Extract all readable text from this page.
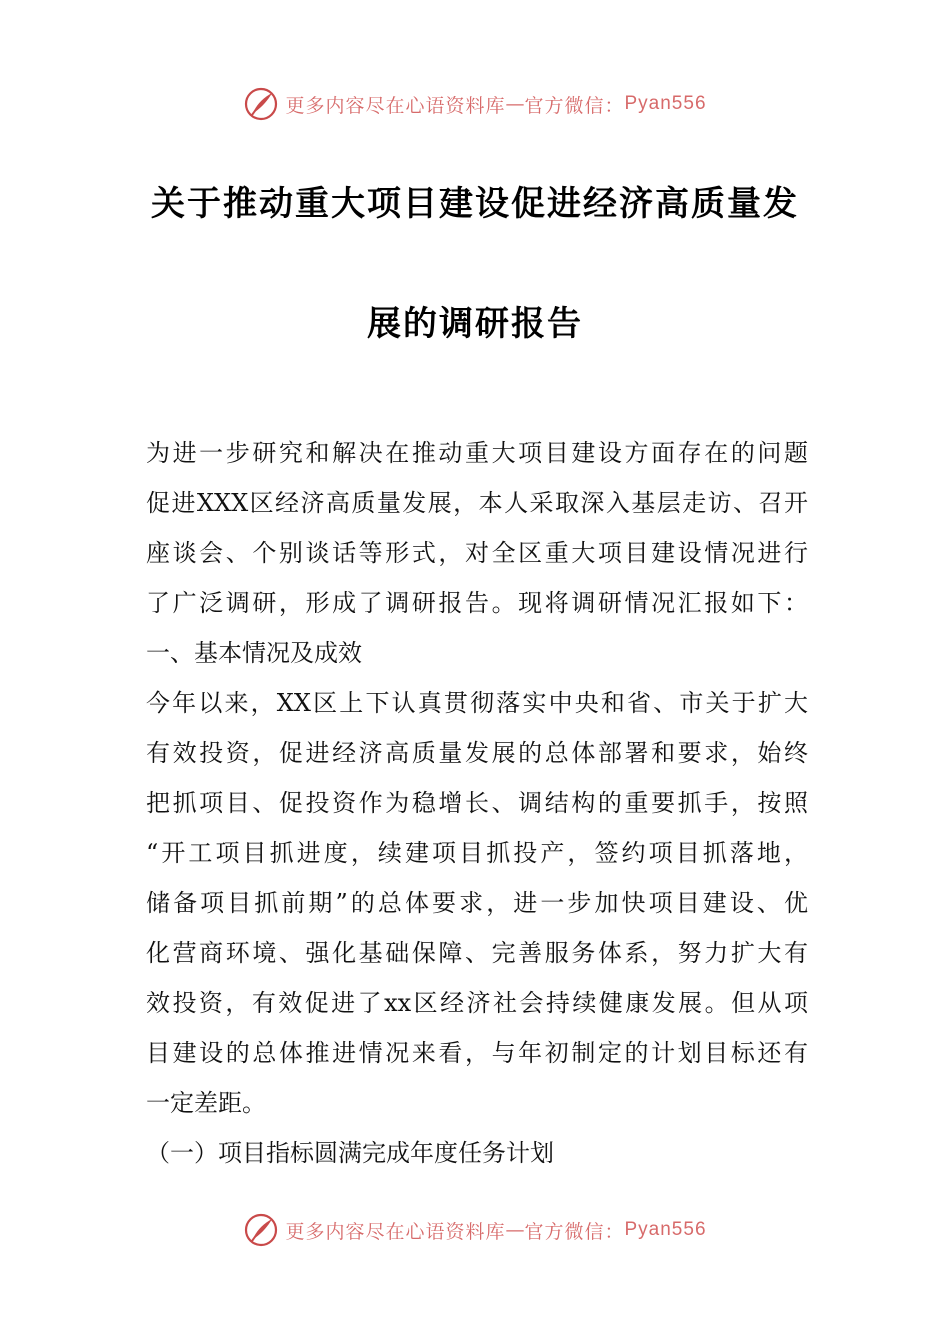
更多内容尽在心语资料库 — 官方微信： Pyan556
关于推动重大项目建设促进经济高质量发
展的调研报告
为进一步研究和解决在推动重大项目建设方面存在的问题
促进XXX区经济高质量发展，本人采取深入基层走访、召开
座谈会、个别谈话等形式，对全区重大项目建设情况进行
了广泛调研，形成了调研报告。现将调研情况汇报如下：
一、基本情况及成效
今年以来，XX区上下认真贯彻落实中央和省、市关于扩大
有效投资，促进经济高质量发展的总体部署和要求，始终
把抓项目、促投资作为稳增长、调结构的重要抓手，按照
“开工项目抓进度，续建项目抓投产，签约项目抓落地，
储备项目抓前期”的总体要求，进一步加快项目建设、优
化营商环境、强化基础保障、完善服务体系，努力扩大有
效投资，有效促进了xx区经济社会持续健康发展。但从项
目建设的总体推进情况来看，与年初制定的计划目标还有
一定差距。
（一）项目指标圆满完成年度任务计划
更多内容尽在心语资料库 — 官方微信： Pyan556
